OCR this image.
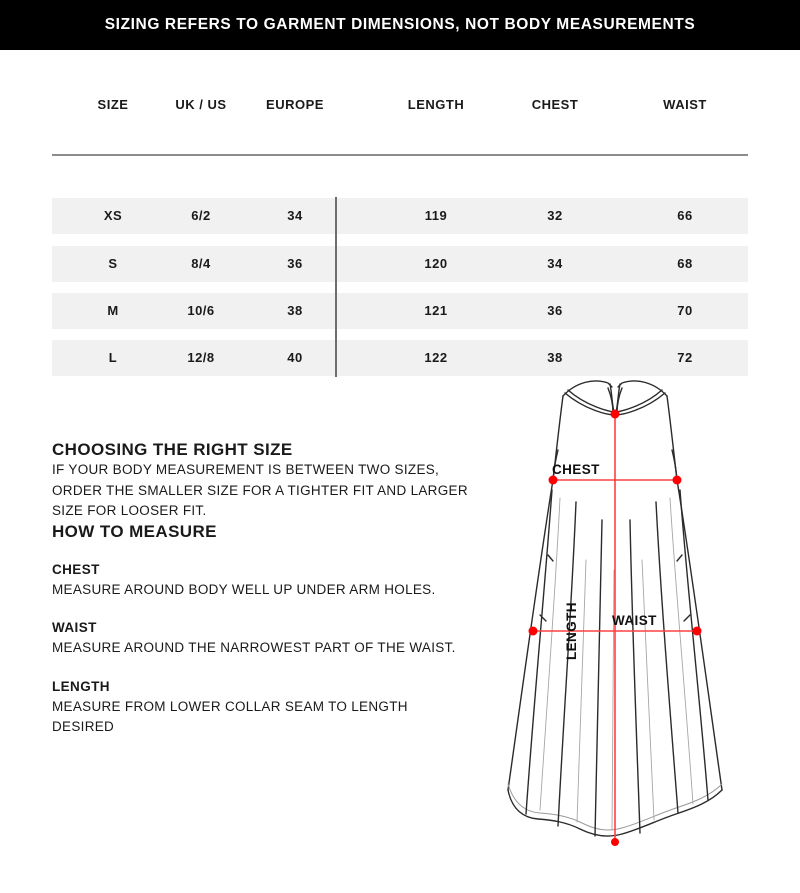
SIZING REFERS TO GARMENT DIMENSIONS, NOT BODY MEASUREMENTS
SIZE	UK / US	EUROPE	LENGTH	CHEST	WAIST
XS	6/2	34	119	32	66
S	8/4	36	120	34	68
M	10/6	38	121	36	70
L	12/8	40	122	38	72
CHOOSING THE RIGHT SIZE

IF YOUR BODY MEASUREMENT IS BETWEEN TWO SIZES, ORDER THE SMALLER SIZE FOR A TIGHTER FIT AND LARGER SIZE FOR LOOSER FIT.

HOW TO MEASURE
CHEST

MEASURE AROUND BODY WELL UP UNDER ARM HOLES.

WAIST

MEASURE AROUND THE NARROWEST PART OF THE WAIST.

LENGTH

MEASURE FROM LOWER COLLAR SEAM TO LENGTH DESIRED

CHEST
WAIST
LENGTH
